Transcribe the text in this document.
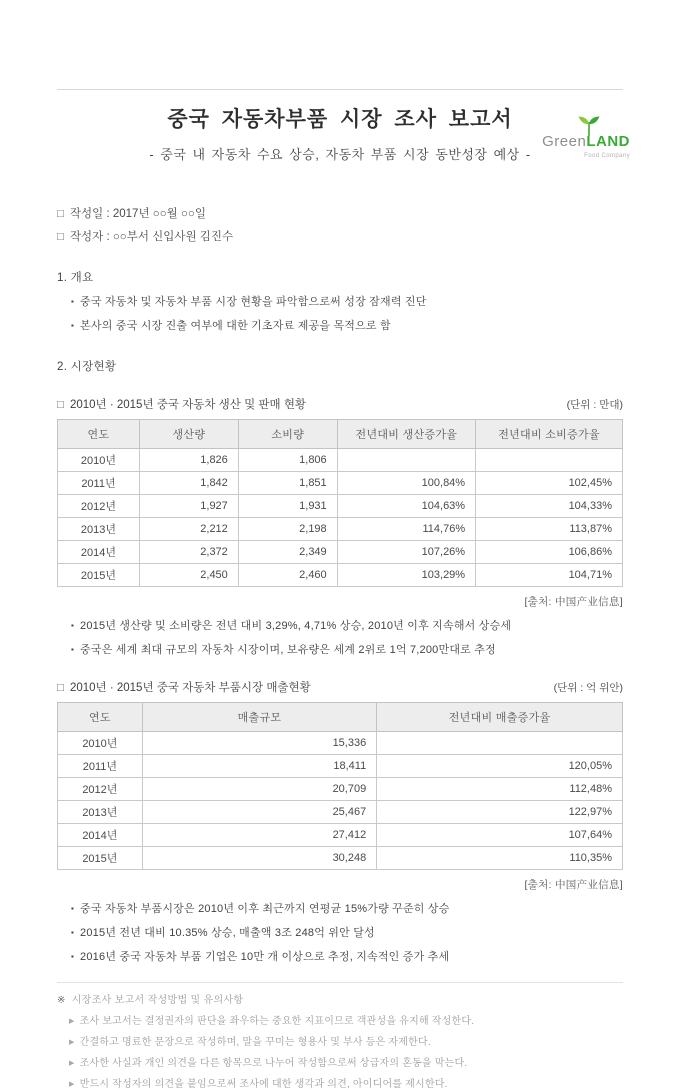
GreenLAND
Food Company
중국 자동차부품 시장 조사 보고서
- 중국 내 자동차 수요 상승, 자동차 부품 시장 동반성장 예상 -
□ 작성일 : 2017년 ○○월 ○○일
□ 작성자 : ○○부서 신입사원 김진수
1. 개요
▪ 중국 자동차 및 자동차 부품 시장 현황을 파악함으로써 성장 잠재력 진단
▪ 본사의 중국 시장 진출 여부에 대한 기초자료 제공을 목적으로 함
2. 시장현황
□ 2010년 · 2015년 중국 자동차 생산 및 판매 현황	(단위 : 만대)
연도	생산량	소비량	전년대비 생산증가율	전년대비 소비증가율
2010년	1,826	1,806		
2011년	1,842	1,851	100,84%	102,45%
2012년	1,927	1,931	104,63%	104,33%
2013년	2,212	2,198	114,76%	113,87%
2014년	2,372	2,349	107,26%	106,86%
2015년	2,450	2,460	103,29%	104,71%
[출처: 中国产业信息]
▪ 2015년 생산량 및 소비량은 전년 대비 3,29%, 4,71% 상승, 2010년 이후 지속해서 상승세
▪ 중국은 세계 최대 규모의 자동차 시장이며, 보유량은 세계 2위로 1억 7,200만대로 추정
□ 2010년 · 2015년 중국 자동차 부품시장 매출현황	(단위 : 억 위안)
연도	매출규모	전년대비 매출증가율
2010년	15,336	
2011년	18,411	120,05%
2012년	20,709	112,48%
2013년	25,467	122,97%
2014년	27,412	107,64%
2015년	30,248	110,35%
[출처: 中国产业信息]
▪ 중국 자동차 부품시장은 2010년 이후 최근까지 연평균 15%가량 꾸준히 상승
▪ 2015년 전년 대비 10.35% 상승, 매출액 3조 248억 위안 달성
▪ 2016년 중국 자동차 부품 기업은 10만 개 이상으로 추정, 지속적인 증가 추세
※ 시장조사 보고서 작성방법 및 유의사항
▶ 조사 보고서는 결정권자의 판단을 좌우하는 중요한 지표이므로 객관성을 유지해 작성한다.
▶ 간결하고 명료한 문장으로 작성하며, 말을 꾸미는 형용사 및 부사 등은 자제한다.
▶ 조사한 사실과 개인 의견을 다른 항목으로 나누어 작성함으로써 상급자의 혼동을 막는다.
▶ 반드시 작성자의 의견을 붙임으로써 조사에 대한 생각과 의견, 아이디어를 제시한다.
